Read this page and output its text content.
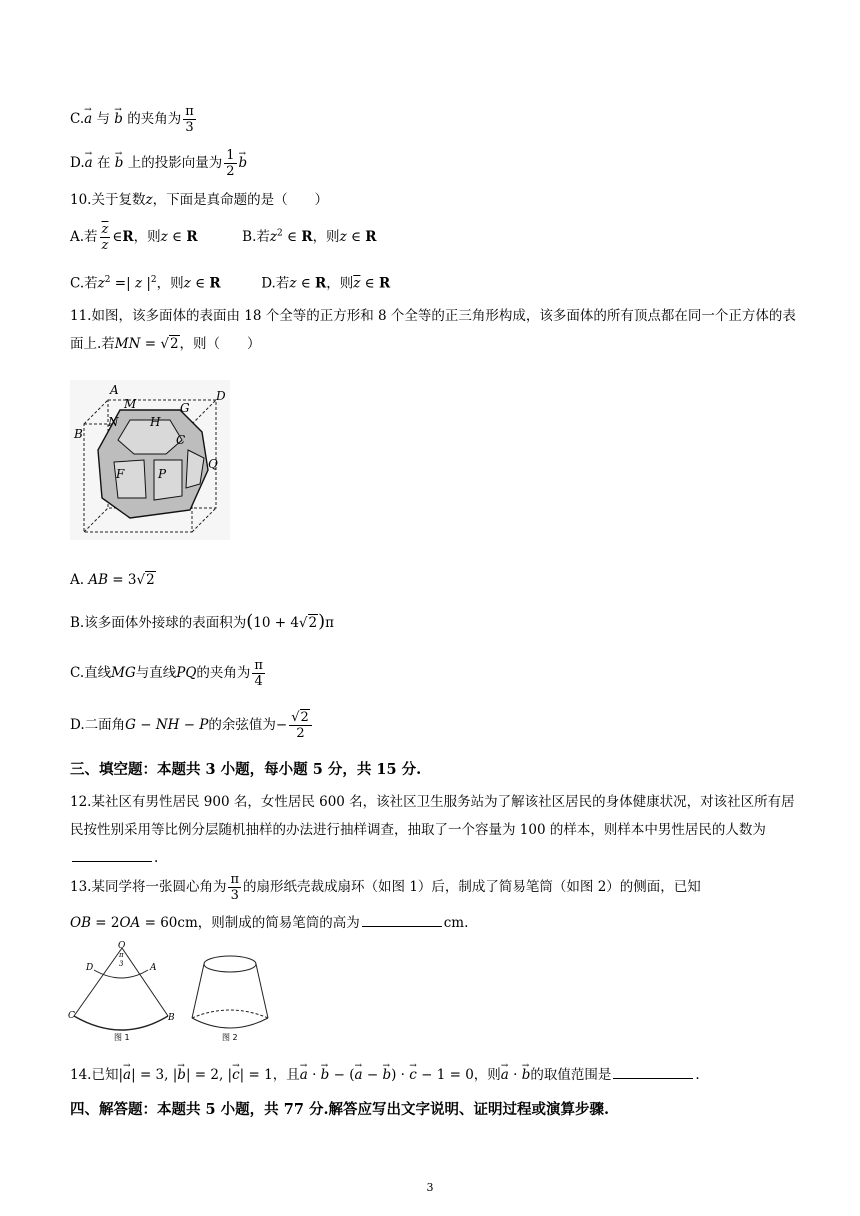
C.→ a 与 → b 的夹角为 $\frac{\pi}{3}$
D.→ a 在 → b 上的投影向量为 $\frac{1}{2} \to b$
10.关于复数z，下面是真命题的是（　　）
A.若 $\frac{\overline{z}}{z}$ ∈R，则z ∈ R	B.若$z^2$ ∈ R，则z ∈ R
C.若$z^2$ =| z $|^2$，则z ∈ R	D.若z ∈ R，则$\overline{z}$ ∈ R
11.如图，该多面体的表面由 18 个全等的正方形和 8 个全等的正三角形构成，该多面体的所有顶点都在同一个正方体的表面上.若MN = √2，则（　　）
A
M	G
D
B
N	H
C
F	P
Q
A. AB = 3√2
B.该多面体外接球的表面积为(10 + 4√2)π
C.直线MG与直线PQ的夹角为 $\frac{\pi}{4}$
D.二面角G − NH − P的余弦值为− $\frac{√2}{2}$
三、填空题：本题共 3 小题，每小题 5 分，共 15 分.
12.某社区有男性居民 900 名，女性居民 600 名，该社区卫生服务站为了解该社区居民的身体健康状况，对该社区所有居民按性别采用等比例分层随机抽样的办法进行抽样调查，抽取了一个容量为 100 的样本，则样本中男性居民的人数为.
13.某同学将一张圆心角为 $\frac{\pi}{3}$ 的扇形纸壳裁成扇环（如图 1）后，制成了简易笔筒（如图 2）的侧面，已知
OB = 2OA = 60cm，则制成的简易笔筒的高为	cm.
O
D	A
C	B
π
3
图 1	图 2
14.已知|→ a| = 3, |→ b| = 2, |→ c| = 1，且→ a · → b − (→ a − → b) · → c − 1 = 0，则→ a · → b的取值范围是	.
四、解答题：本题共 5 小题，共 77 分.解答应写出文字说明、证明过程或演算步骤.
3
